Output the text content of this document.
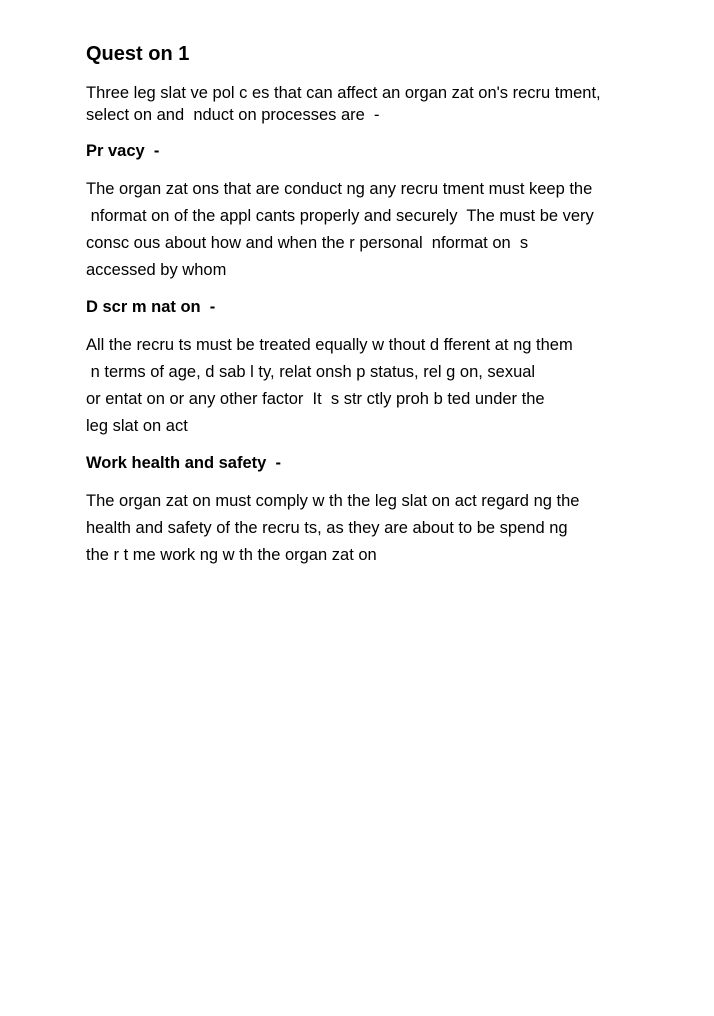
Quest on 1
Three leg slat ve pol c es that can affect an organ zat on's recru tment,
select on and  nduct on processes are  -
Pr vacy  -
The organ zat ons that are conduct ng any recru tment must keep the
nformat on of the appl cants properly and securely  The must be very
consc ous about how and when the r personal  nformat on  s
accessed by whom
D scr m nat on  -
All the recru ts must be treated equally w thout d fferent at ng them
n terms of age, d sab l ty, relat onsh p status, rel g on, sexual
or entat on or any other factor  It  s str ctly proh b ted under the
leg slat on act
Work health and safety  -
The organ zat on must comply w th the leg slat on act regard ng the
health and safety of the recru ts, as they are about to be spend ng
the r t me work ng w th the organ zat on
